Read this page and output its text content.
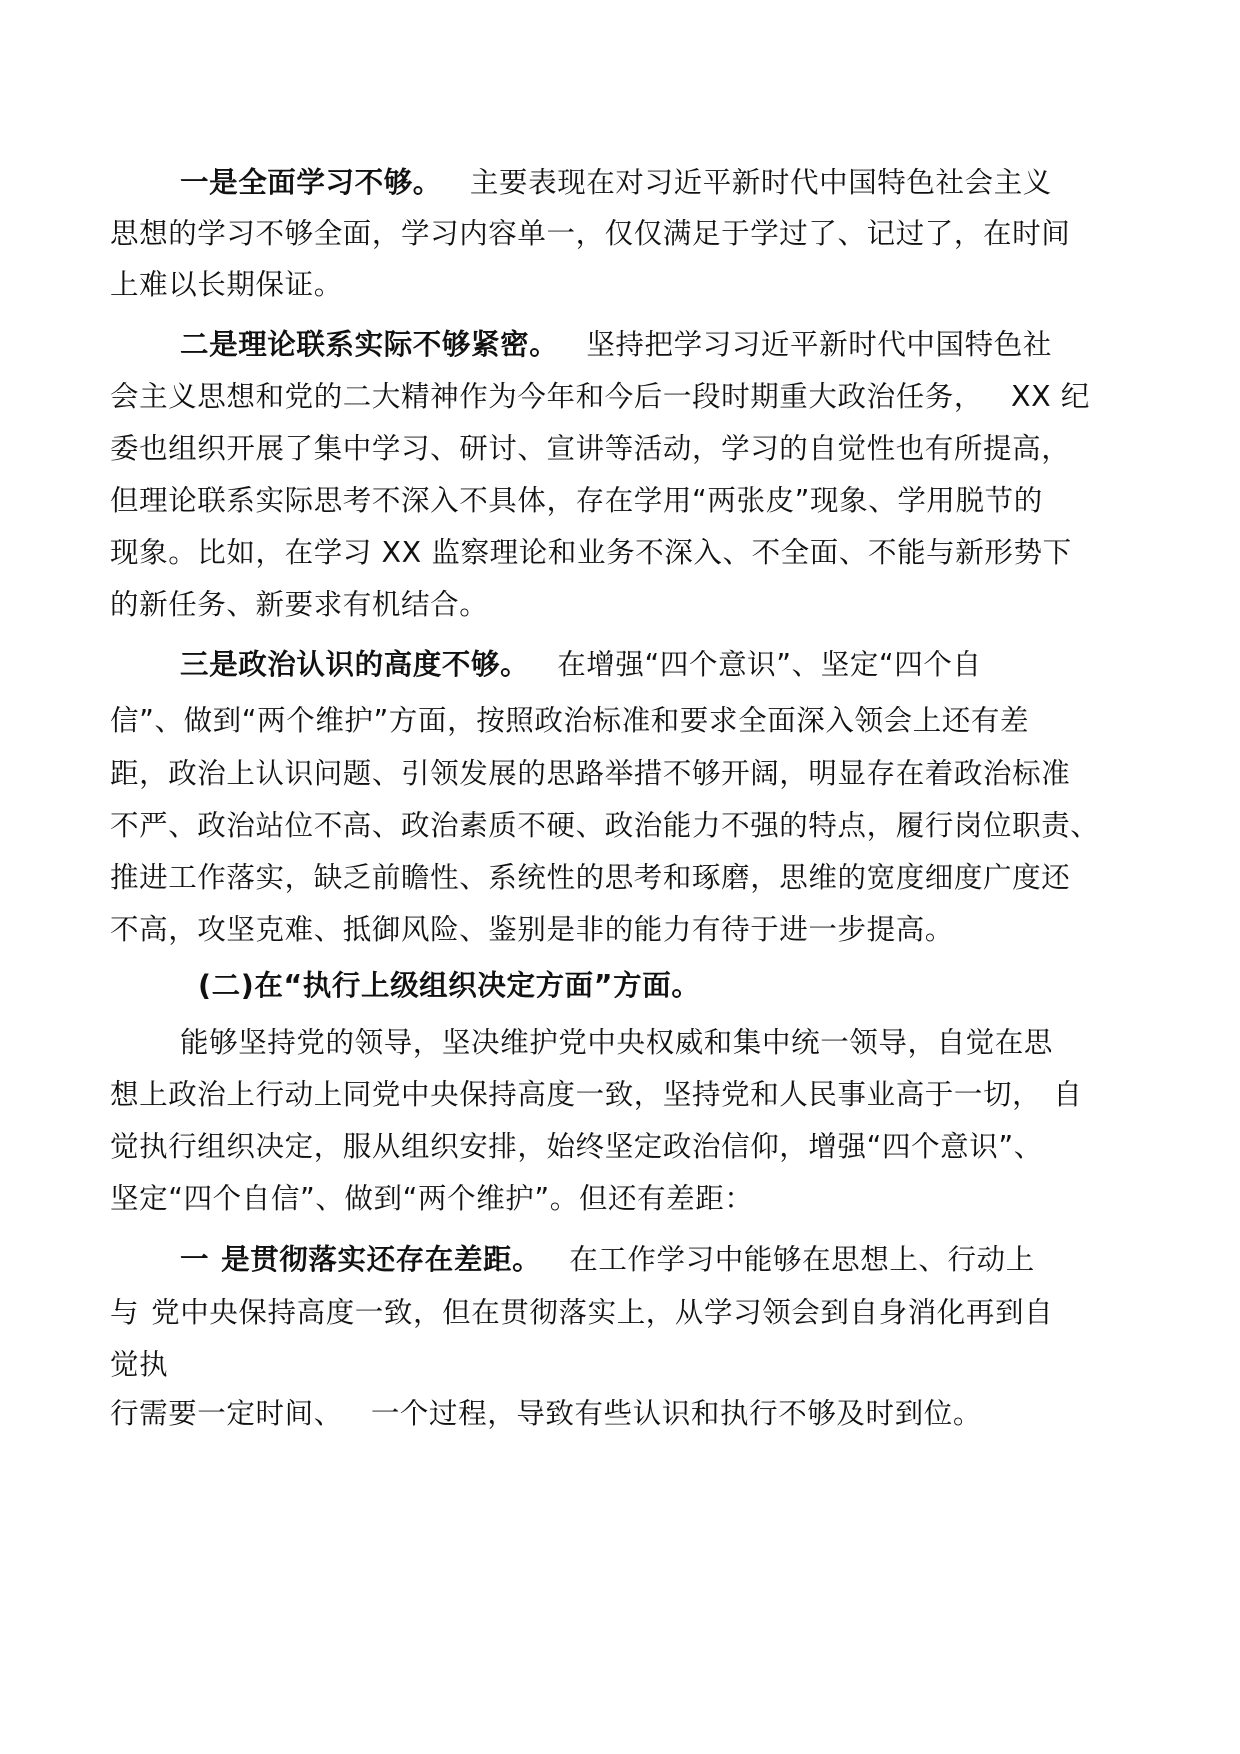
一是全面学习不够。 主要表现在对习近平新时代中国特色社会主义
思想的学习不够全面，学习内容单一，仅仅满足于学过了、记过了，在时间
上难以长期保证。
二是理论联系实际不够紧密。 坚持把学习习近平新时代中国特色社
会主义思想和党的二大精神作为今年和今后一段时期重大政治任务， XX 纪
委也组织开展了集中学习、研讨、宣讲等活动，学习的自觉性也有所提高，
但理论联系实际思考不深入不具体，存在学用“两张皮”现象、学用脱节的
现象。比如，在学习 XX 监察理论和业务不深入、不全面、不能与新形势下
的新任务、新要求有机结合。
三是政治认识的高度不够。 在增强“四个意识”、坚定“四个自
信”、做到“两个维护”方面，按照政治标准和要求全面深入领会上还有差
距，政治上认识问题、引领发展的思路举措不够开阔，明显存在着政治标准
不严、政治站位不高、政治素质不硬、政治能力不强的特点，履行岗位职责、
推进工作落实，缺乏前瞻性、系统性的思考和琢磨，思维的宽度细度广度还
不高，攻坚克难、抵御风险、鉴别是非的能力有待于进一步提高。
(二)在“执行上级组织决定方面”方面。
能够坚持党的领导，坚决维护党中央权威和集中统一领导，自觉在思
想上政治上行动上同党中央保持高度一致，坚持党和人民事业高于一切， 自
觉执行组织决定，服从组织安排，始终坚定政治信仰，增强“四个意识”、
坚定“四个自信”、做到“两个维护”。但还有差距：
一 是贯彻落实还存在差距。 在工作学习中能够在思想上、行动上
与 党中央保持高度一致，但在贯彻落实上，从学习领会到自身消化再到自
觉执
行需要一定时间、 一个过程，导致有些认识和执行不够及时到位。
